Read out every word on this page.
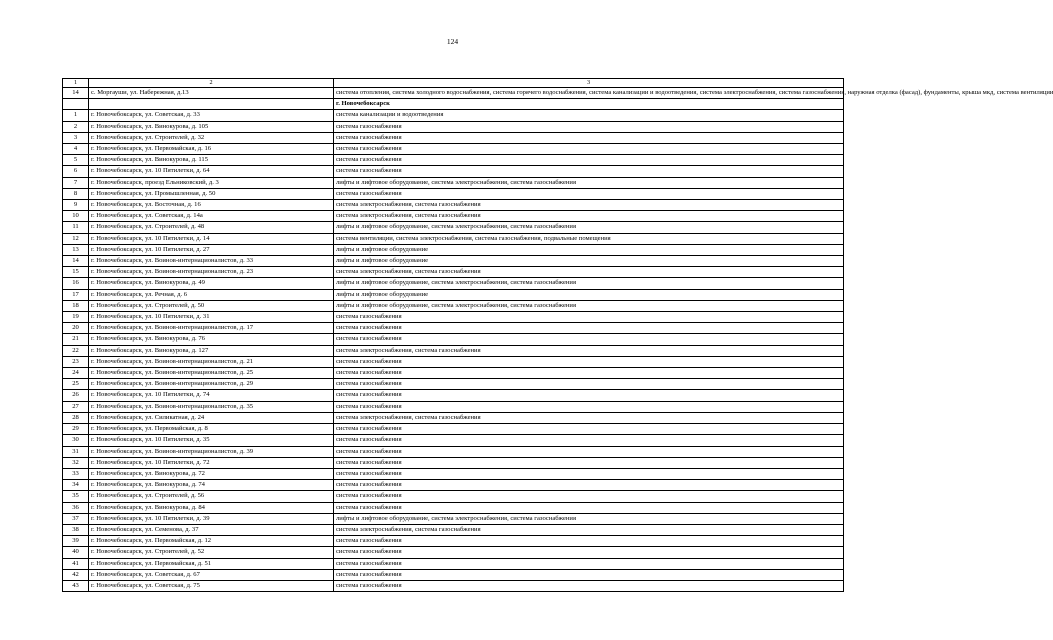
124
1	2	3
14	с. Моргауши, ул. Набережная, д.13	система отопления, система холодного водоснабжения, система горячего водоснабжения, система канализации и водоотведения, система электроснабжения, система газоснабжения, наружная отделка (фасад), фундаменты, крыша мкд, система вентиляции
		г. Новочебоксарск
1	г. Новочебоксарск, ул. Советская, д. 33	система канализации и водоотведения
2	г. Новочебоксарск, ул. Винокурова, д. 105	система газоснабжения
3	г. Новочебоксарск, ул. Строителей, д. 32	система газоснабжения
4	г. Новочебоксарск, ул. Первомайская, д. 16	система газоснабжения
5	г. Новочебоксарск, ул. Винокурова, д. 115	система газоснабжения
6	г. Новочебоксарск, ул. 10 Пятилетки, д. 64	система газоснабжения
7	г. Новочебоксарск, проезд Ельниковский, д. 3	лифты и лифтовое оборудование, система электроснабжения, система газоснабжения
8	г. Новочебоксарск, ул. Промышленная, д. 50	система газоснабжения
9	г. Новочебоксарск, ул. Восточная, д. 16	система электроснабжения, система газоснабжения
10	г. Новочебоксарск, ул. Советская, д. 14а	система электроснабжения, система газоснабжения
11	г. Новочебоксарск, ул. Строителей, д. 48	лифты и лифтовое оборудование, система электроснабжения, система газоснабжения
12	г. Новочебоксарск, ул. 10 Пятилетки, д. 14	система вентиляции, система электроснабжения, система газоснабжения, подвальные помещения
13	г. Новочебоксарск, ул. 10 Пятилетки, д. 27	лифты и лифтовое оборудование
14	г. Новочебоксарск, ул. Воинов-интернационалистов, д. 33	лифты и лифтовое оборудование
15	г. Новочебоксарск, ул. Воинов-интернационалистов, д. 23	система электроснабжения, система газоснабжения
16	г. Новочебоксарск, ул. Винокурова, д. 49	лифты и лифтовое оборудование, система электроснабжения, система газоснабжения
17	г. Новочебоксарск, ул. Речная, д. 6	лифты и лифтовое оборудование
18	г. Новочебоксарск, ул. Строителей, д. 50	лифты и лифтовое оборудование, система электроснабжения, система газоснабжения
19	г. Новочебоксарск, ул. 10 Пятилетки, д. 31	система газоснабжения
20	г. Новочебоксарск, ул. Воинов-интернационалистов, д. 17	система газоснабжения
21	г. Новочебоксарск, ул. Винокурова, д. 76	система газоснабжения
22	г. Новочебоксарск, ул. Винокурова, д. 127	система электроснабжения, система газоснабжения
23	г. Новочебоксарск, ул. Воинов-интернационалистов, д. 21	система газоснабжения
24	г. Новочебоксарск, ул. Воинов-интернационалистов, д. 25	система газоснабжения
25	г. Новочебоксарск, ул. Воинов-интернационалистов, д. 29	система газоснабжения
26	г. Новочебоксарск, ул. 10 Пятилетки, д. 74	система газоснабжения
27	г. Новочебоксарск, ул. Воинов-интернационалистов, д. 35	система газоснабжения
28	г. Новочебоксарск, ул. Силикатная, д. 24	система электроснабжения, система газоснабжения
29	г. Новочебоксарск, ул. Первомайская, д. 8	система газоснабжения
30	г. Новочебоксарск, ул. 10 Пятилетки, д. 35	система газоснабжения
31	г. Новочебоксарск, ул. Воинов-интернационалистов, д. 39	система газоснабжения
32	г. Новочебоксарск, ул. 10 Пятилетки, д. 72	система газоснабжения
33	г. Новочебоксарск, ул. Винокурова, д. 72	система газоснабжения
34	г. Новочебоксарск, ул. Винокурова, д. 74	система газоснабжения
35	г. Новочебоксарск, ул. Строителей, д. 56	система газоснабжения
36	г. Новочебоксарск, ул. Винокурова, д. 84	система газоснабжения
37	г. Новочебоксарск, ул. 10 Пятилетки, д. 39	лифты и лифтовое оборудование, система электроснабжения, система газоснабжения
38	г. Новочебоксарск, ул. Семенова, д. 37	система электроснабжения, система газоснабжения
39	г. Новочебоксарск, ул. Первомайская, д. 12	система газоснабжения
40	г. Новочебоксарск, ул. Строителей, д. 52	система газоснабжения
41	г. Новочебоксарск, ул. Первомайская, д. 51	система газоснабжения
42	г. Новочебоксарск, ул. Советская, д. 67	система газоснабжения
43	г. Новочебоксарск, ул. Советская, д. 75	система газоснабжения
